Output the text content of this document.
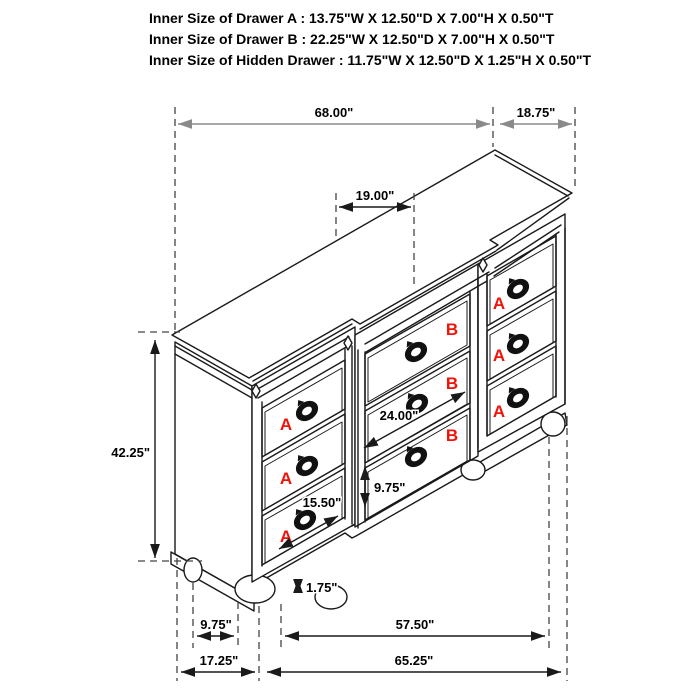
Inner Size of Drawer A : 13.75"W X 12.50"D X 7.00"H X 0.50"T
Inner Size of Drawer B : 22.25"W X 12.50"D X 7.00"H X 0.50"T
Inner Size of Hidden Drawer : 11.75"W X 12.50"D X 1.25"H X 0.50"T
A
A
A
B
B
B
A
A
A
68.00"	18.75"
19.00"
42.25"
24.00"
15.50"
9.75"
1.75"
9.75"	57.50"
17.25"	65.25"
